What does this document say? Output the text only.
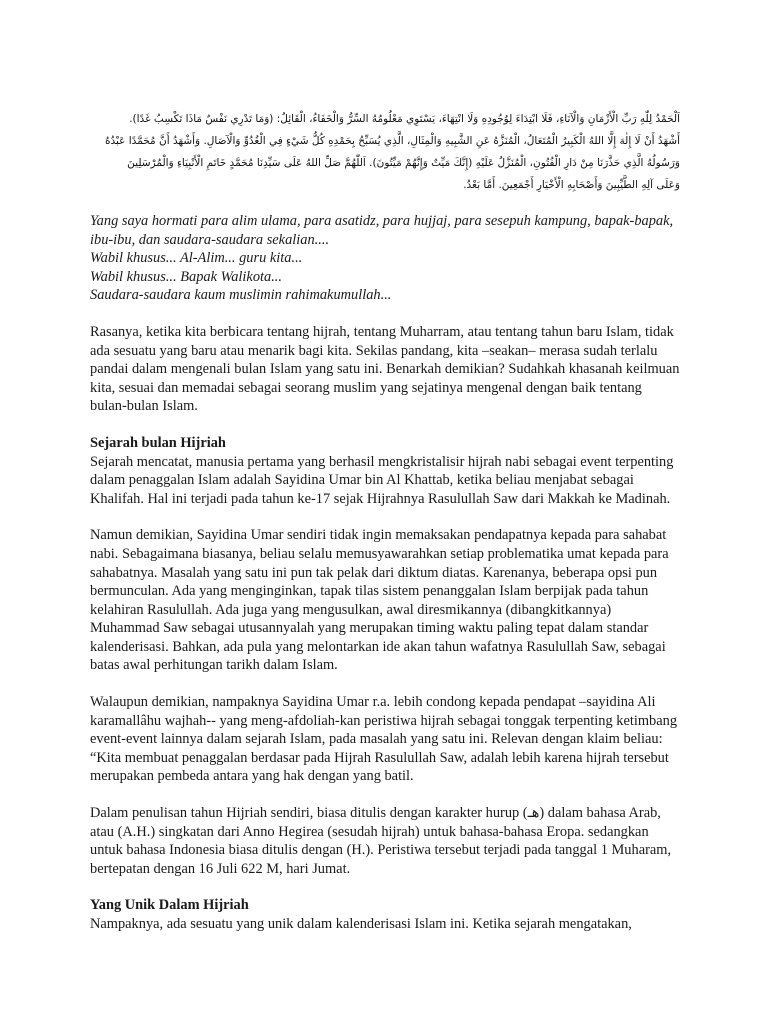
اَلْحَمْدُ لِلّٰهِ رَبِّ الْأَزْمَانِ وَالْآنَاءِ، فَلَا ابْتِدَاءَ لِوُجُودِهِ وَلَا انْتِهَاءَ، يَسْتَوِي مَعْلُومُهُ السِّرُّ وَالْخَفَاءُ، الْقَائِلُ: (وَمَا تَدْرِي نَفْسٌ مَاذَا تَكْسِبُ غَدًا).

أَشْهَدُ أَنْ لَا إِلٰهَ إِلَّا اللهُ الْكَبِيرُ الْمُتَعَالُ، الْمُنَزَّهُ عَنِ الشَّبِيهِ وَالْمِثَالِ، الَّذِي يُسَبِّحُ بِحَمْدِهِ كُلُّ شَيْءٍ فِي الْغُدُوِّ وَالْآصَالِ. وَأَشْهَدُ أَنَّ مُحَمَّدًا عَبْدُهُ

وَرَسُولُهُ الَّذِي حَذَّرَنَا مِنْ دَارِ الْفُتُونِ، الْمُنَزَّلُ عَلَيْهِ (إِنَّكَ مَيِّتٌ وَإِنَّهُمْ مَيِّتُونَ). اَللّٰهُمَّ صَلِّ اللهُ عَلَى سَيِّدِنَا مُحَمَّدٍ خَاتَمِ الْأَنْبِيَاءِ وَالْمُرْسَلِينَ

وَعَلَى آلِهِ الطَّيِّبِينَ وَأَصْحَابِهِ الْأَخْيَارِ أَجْمَعِينَ. أَمَّا بَعْدُ.

Yang saya hormati para alim ulama, para asatidz, para hujjaj, para sesepuh kampung, bapak-bapak, ibu-ibu, dan saudara-saudara sekalian....
Wabil khusus... Al-Alim... guru kita...
Wabil khusus... Bapak Walikota...
Saudara-saudara kaum muslimin rahimakumullah...

Rasanya, ketika kita berbicara tentang hijrah, tentang Muharram, atau tentang tahun baru Islam, tidak ada sesuatu yang baru atau menarik bagi kita. Sekilas pandang, kita –seakan– merasa sudah terlalu pandai dalam mengenali bulan Islam yang satu ini. Benarkah demikian? Sudahkah khasanah keilmuan kita, sesuai dan memadai sebagai seorang muslim yang sejatinya mengenal dengan baik tentang bulan-bulan Islam.

Sejarah bulan Hijriah

Sejarah mencatat, manusia pertama yang berhasil mengkristalisir hijrah nabi sebagai event terpenting dalam penaggalan Islam adalah Sayidina Umar bin Al Khattab, ketika beliau menjabat sebagai Khalifah. Hal ini terjadi pada tahun ke-17 sejak Hijrahnya Rasulullah Saw dari Makkah ke Madinah.

Namun demikian, Sayidina Umar sendiri tidak ingin memaksakan pendapatnya kepada para sahabat nabi. Sebagaimana biasanya, beliau selalu memusyawarahkan setiap problematika umat kepada para sahabatnya. Masalah yang satu ini pun tak pelak dari diktum diatas. Karenanya, beberapa opsi pun bermunculan. Ada yang menginginkan, tapak tilas sistem penanggalan Islam berpijak pada tahun kelahiran Rasulullah. Ada juga yang mengusulkan, awal diresmikannya (dibangkitkannya) Muhammad Saw sebagai utusannyalah yang merupakan timing waktu paling tepat dalam standar kalenderisasi. Bahkan, ada pula yang melontarkan ide akan tahun wafatnya Rasulullah Saw, sebagai batas awal perhitungan tarikh dalam Islam.

Walaupun demikian, nampaknya Sayidina Umar r.a. lebih condong kepada pendapat –sayidina Ali karamallâhu wajhah-- yang meng-afdoliah-kan peristiwa hijrah sebagai tonggak terpenting ketimbang event-event lainnya dalam sejarah Islam, pada masalah yang satu ini. Relevan dengan klaim beliau: “Kita membuat penaggalan berdasar pada Hijrah Rasulullah Saw, adalah lebih karena hijrah tersebut merupakan pembeda antara yang hak dengan yang batil.

Dalam penulisan tahun Hijriah sendiri, biasa ditulis dengan karakter hurup (هـ) dalam bahasa Arab, atau (A.H.) singkatan dari Anno Hegirea (sesudah hijrah) untuk bahasa-bahasa Eropa. sedangkan untuk bahasa Indonesia biasa ditulis dengan (H.). Peristiwa tersebut terjadi pada tanggal 1 Muharam, bertepatan dengan 16 Juli 622 M, hari Jumat.

Yang Unik Dalam Hijriah

Nampaknya, ada sesuatu yang unik dalam kalenderisasi Islam ini. Ketika sejarah mengatakan,
